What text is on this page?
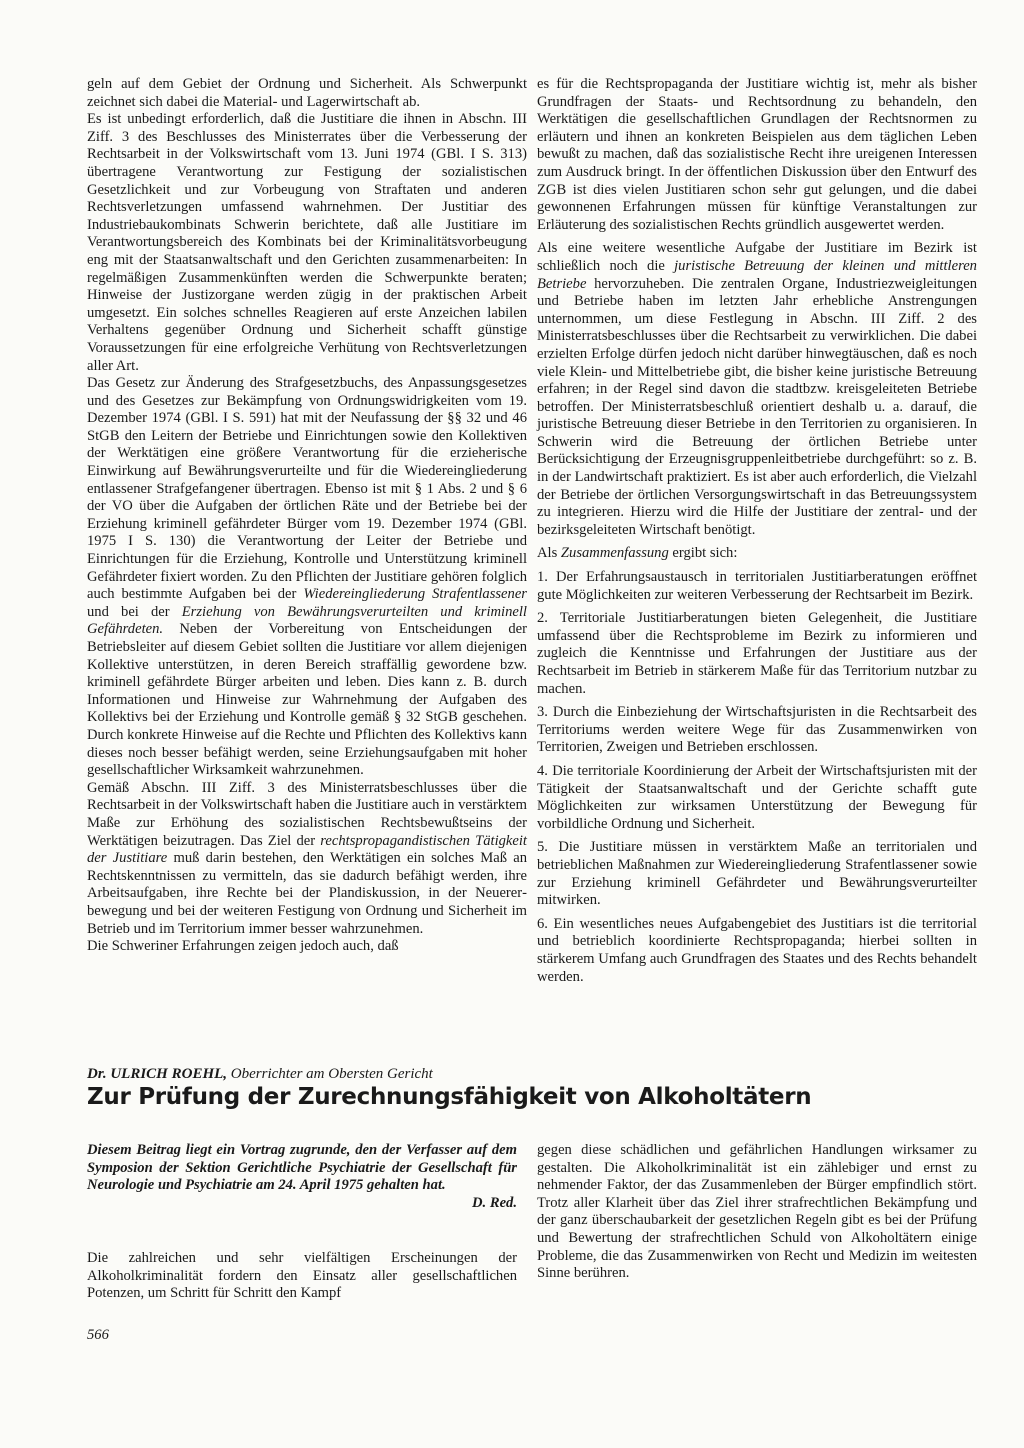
geln auf dem Gebiet der Ordnung und Sicherheit. Als Schwerpunkt zeichnet sich dabei die Material- und Lagerwirtschaft ab.

Es ist unbedingt erforderlich, daß die Justitiare die ihnen in Abschn. III Ziff. 3 des Beschlusses des Ministerrates über die Verbesserung der Rechtsarbeit in der Volkswirtschaft vom 13. Juni 1974 (GBl. I S. 313) übertragene Verantwortung zur Festigung der sozialistischen Gesetzlichkeit und zur Vorbeugung von Straftaten und anderen Rechtsverletzungen umfassend wahrnehmen. Der Justitiar des Industriebaukombinats Schwerin berichtete, daß alle Justitiare im Verantwortungsbereich des Kombinats bei der Kriminalitätsvorbeugung eng mit der Staatsanwaltschaft und den Gerichten zusammenarbeiten: In regelmäßigen Zusammenkünften werden die Schwerpunkte beraten; Hinweise der Justizorgane werden zügig in der praktischen Arbeit umgesetzt. Ein solches schnelles Reagieren auf erste Anzeichen labilen Verhaltens gegenüber Ordnung und Sicherheit schafft günstige Voraussetzungen für eine erfolgreiche Verhütung von Rechtsverletzungen aller Art.

Das Gesetz zur Änderung des Strafgesetzbuchs, des Anpassungsgesetzes und des Gesetzes zur Bekämpfung von Ordnungswidrigkeiten vom 19. Dezember 1974 (GBl. I S. 591) hat mit der Neufassung der §§ 32 und 46 StGB den Leitern der Betriebe und Einrichtungen sowie den Kollektiven der Werktätigen eine größere Verantwortung für die erzieherische Einwirkung auf Bewährungsverurteilte und für die Wiedereingliederung entlassener Strafgefangener übertragen. Ebenso ist mit § 1 Abs. 2 und § 6 der VO über die Aufgaben der örtlichen Räte und der Betriebe bei der Erziehung kriminell gefährdeter Bürger vom 19. Dezember 1974 (GBl. 1975 I S. 130) die Verantwortung der Leiter der Betriebe und Einrichtungen für die Erziehung, Kontrolle und Unterstützung kriminell Gefährdeter fixiert worden. Zu den Pflichten der Justitiare gehören folglich auch bestimmte Aufgaben bei der Wiedereingliederung Strafentlassener und bei der Erziehung von Bewährungsverurteilten und kriminell Gefährdeten. Neben der Vorbereitung von Entscheidungen der Betriebsleiter auf diesem Gebiet sollten die Justitiare vor allem diejenigen Kollektive unterstützen, in deren Bereich straffällig gewordene bzw. kriminell gefährdete Bürger arbeiten und leben. Dies kann z. B. durch Informationen und Hinweise zur Wahrnehmung der Aufgaben des Kollektivs bei der Erziehung und Kontrolle gemäß § 32 StGB geschehen. Durch konkrete Hinweise auf die Rechte und Pflichten des Kollektivs kann dieses noch besser befähigt werden, seine Erziehungsaufgaben mit hoher gesellschaftlicher Wirksamkeit wahrzunehmen.

Gemäß Abschn. III Ziff. 3 des Ministerratsbeschlusses über die Rechtsarbeit in der Volkswirtschaft haben die Justitiare auch in verstärktem Maße zur Erhöhung des sozialistischen Rechtsbewußtseins der Werktätigen beizutragen. Das Ziel der rechtspropagandistischen Tätigkeit der Justitiare muß darin bestehen, den Werktätigen ein solches Maß an Rechtskenntnissen zu vermitteln, das sie dadurch befähigt werden, ihre Arbeitsaufgaben, ihre Rechte bei der Plandiskussion, in der Neuererbewegung und bei der weiteren Festigung von Ordnung und Sicherheit im Betrieb und im Territorium immer besser wahrzunehmen.

Die Schweriner Erfahrungen zeigen jedoch auch, daß

es für die Rechtspropaganda der Justitiare wichtig ist, mehr als bisher Grundfragen der Staats- und Rechtsordnung zu behandeln, den Werktätigen die gesellschaftlichen Grundlagen der Rechtsnormen zu erläutern und ihnen an konkreten Beispielen aus dem täglichen Leben bewußt zu machen, daß das sozialistische Recht ihre ureigenen Interessen zum Ausdruck bringt. In der öffentlichen Diskussion über den Entwurf des ZGB ist dies vielen Justitiaren schon sehr gut gelungen, und die dabei gewonnenen Erfahrungen müssen für künftige Veranstaltungen zur Erläuterung des sozialistischen Rechts gründlich ausgewertet werden.

Als eine weitere wesentliche Aufgabe der Justitiare im Bezirk ist schließlich noch die juristische Betreuung der kleinen und mittleren Betriebe hervorzuheben. Die zentralen Organe, Industriezweigleitungen und Betriebe haben im letzten Jahr erhebliche Anstrengungen unternommen, um diese Festlegung in Abschn. III Ziff. 2 des Ministerratsbeschlusses über die Rechtsarbeit zu verwirklichen. Die dabei erzielten Erfolge dürfen jedoch nicht darüber hinwegtäuschen, daß es noch viele Klein- und Mittelbetriebe gibt, die bisher keine juristische Betreuung erfahren; in der Regel sind davon die stadtbzw. kreisgeleiteten Betriebe betroffen. Der Ministerratsbeschluß orientiert deshalb u. a. darauf, die juristische Betreuung dieser Betriebe in den Territorien zu organisieren. In Schwerin wird die Betreuung der örtlichen Betriebe unter Berücksichtigung der Erzeugnisgruppenleitbetriebe durchgeführt: so z. B. in der Landwirtschaft praktiziert. Es ist aber auch erforderlich, die Vielzahl der Betriebe der örtlichen Versorgungswirtschaft in das Betreuungssystem zu integrieren. Hierzu wird die Hilfe der Justitiare der zentral- und der bezirksgeleiteten Wirtschaft benötigt.

Als Zusammenfassung ergibt sich:

1. Der Erfahrungsaustausch in territorialen Justitiarberatungen eröffnet gute Möglichkeiten zur weiteren Verbesserung der Rechtsarbeit im Bezirk.

2. Territoriale Justitiarberatungen bieten Gelegenheit, die Justitiare umfassend über die Rechtsprobleme im Bezirk zu informieren und zugleich die Kenntnisse und Erfahrungen der Justitiare aus der Rechtsarbeit im Betrieb in stärkerem Maße für das Territorium nutzbar zu machen.

3. Durch die Einbeziehung der Wirtschaftsjuristen in die Rechtsarbeit des Territoriums werden weitere Wege für das Zusammenwirken von Territorien, Zweigen und Betrieben erschlossen.

4. Die territoriale Koordinierung der Arbeit der Wirtschaftsjuristen mit der Tätigkeit der Staatsanwaltschaft und der Gerichte schafft gute Möglichkeiten zur wirksamen Unterstützung der Bewegung für vorbildliche Ordnung und Sicherheit.

5. Die Justitiare müssen in verstärktem Maße an territorialen und betrieblichen Maßnahmen zur Wiedereingliederung Strafentlassener sowie zur Erziehung kriminell Gefährdeter und Bewährungsverurteilter mitwirken.

6. Ein wesentliches neues Aufgabengebiet des Justitiars ist die territorial und betrieblich koordinierte Rechtspropaganda; hierbei sollten in stärkerem Umfang auch Grundfragen des Staates und des Rechts behandelt werden.

Dr. ULRICH ROEHL, Oberrichter am Obersten Gericht
Zur Prüfung der Zurechnungsfähigkeit von Alkoholtätern
Diesem Beitrag liegt ein Vortrag zugrunde, den der Verfasser auf dem Symposion der Sektion Gerichtliche Psychiatrie der Gesellschaft für Neurologie und Psychiatrie am 24. April 1975 gehalten hat.
D. Red.

Die zahlreichen und sehr vielfältigen Erscheinungen der Alkoholkriminalität fordern den Einsatz aller gesellschaftlichen Potenzen, um Schritt für Schritt den Kampf

gegen diese schädlichen und gefährlichen Handlungen wirksamer zu gestalten. Die Alkoholkriminalität ist ein zählebiger und ernst zu nehmender Faktor, der das Zusammenleben der Bürger empfindlich stört. Trotz aller Klarheit über das Ziel ihrer strafrechtlichen Bekämpfung und der ganz überschaubarkeit der gesetzlichen Regeln gibt es bei der Prüfung und Bewertung der strafrechtlichen Schuld von Alkoholtätern einige Probleme, die das Zusammenwirken von Recht und Medizin im weitesten Sinne berühren.

566
